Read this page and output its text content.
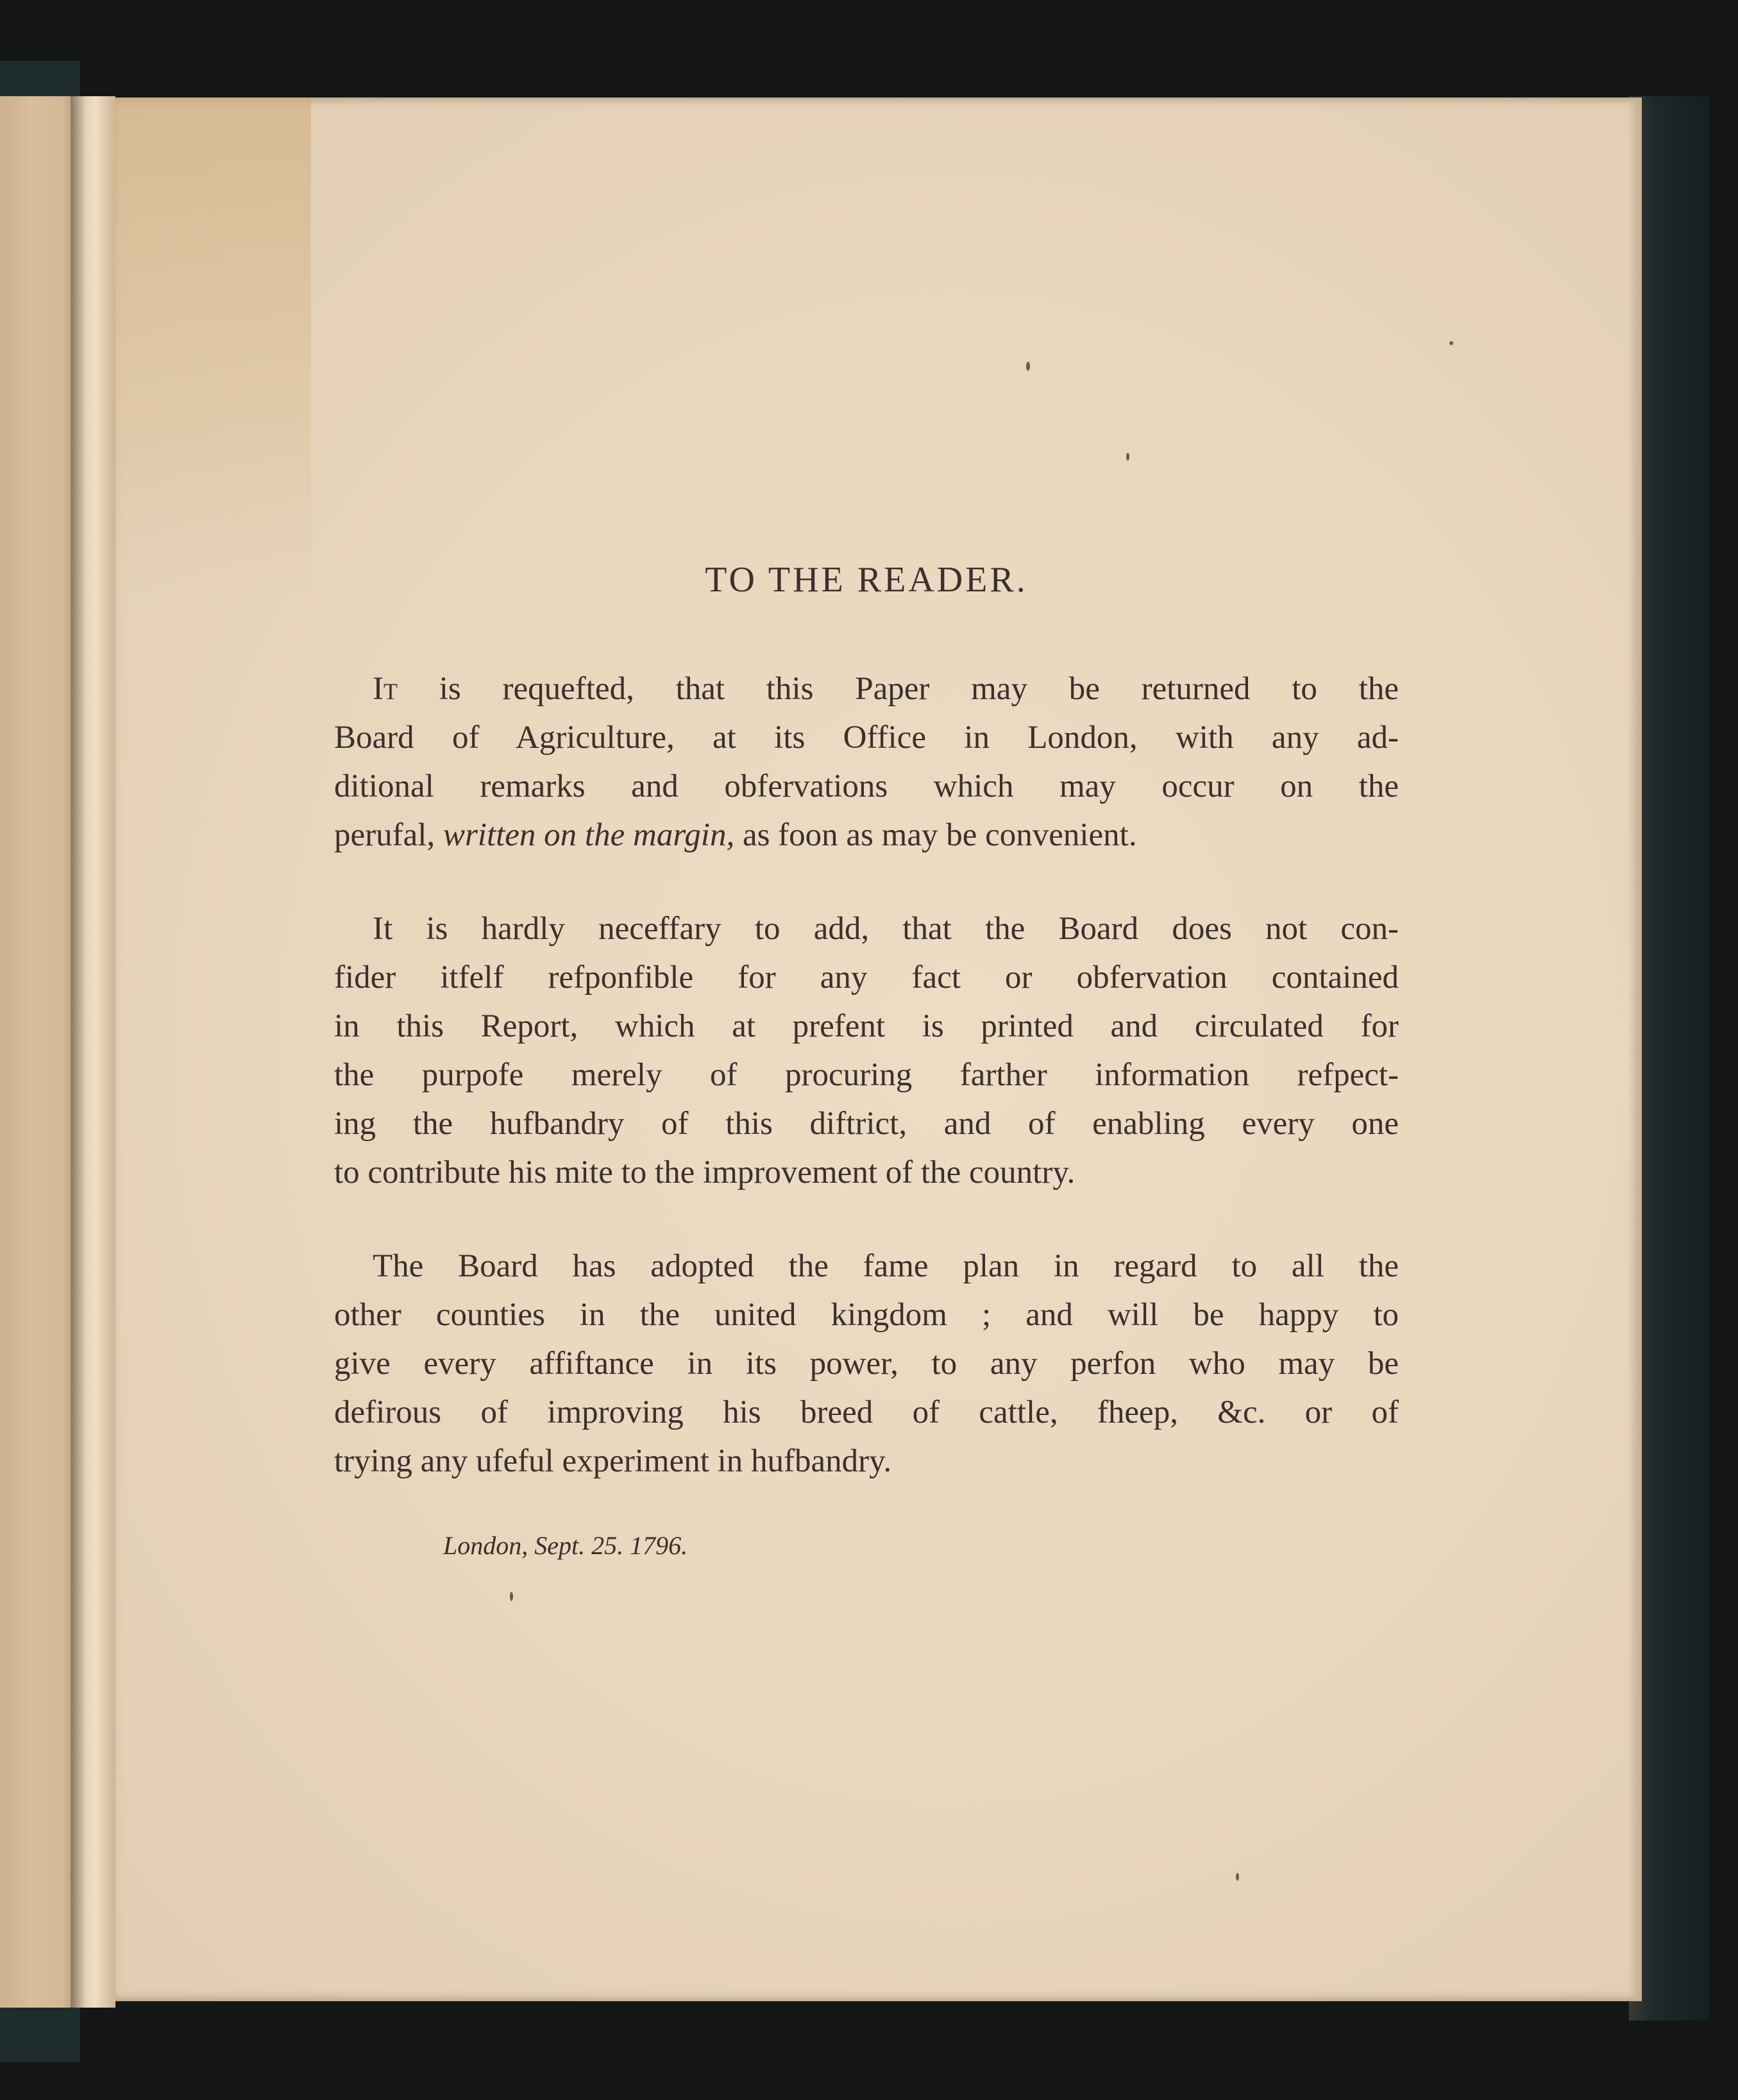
TO THE READER.
It is requefted, that this Paper may be returned to the
Board of Agriculture, at its Office in London, with any ad-
ditional remarks and obfervations which may occur on the
perufal, written on the margin, as foon as may be convenient.
It is hardly neceffary to add, that the Board does not con-
fider itfelf refponfible for any fact or obfervation contained
in this Report, which at prefent is printed and circulated for
the purpofe merely of procuring farther information refpect-
ing the hufbandry of this diftrict, and of enabling every one
to contribute his mite to the improvement of the country.
The Board has adopted the fame plan in regard to all the
other counties in the united kingdom ; and will be happy to
give every affiftance in its power, to any perfon who may be
defirous of improving his breed of cattle, fheep, &c. or of
trying any ufeful experiment in hufbandry.
London, Sept. 25. 1796.
